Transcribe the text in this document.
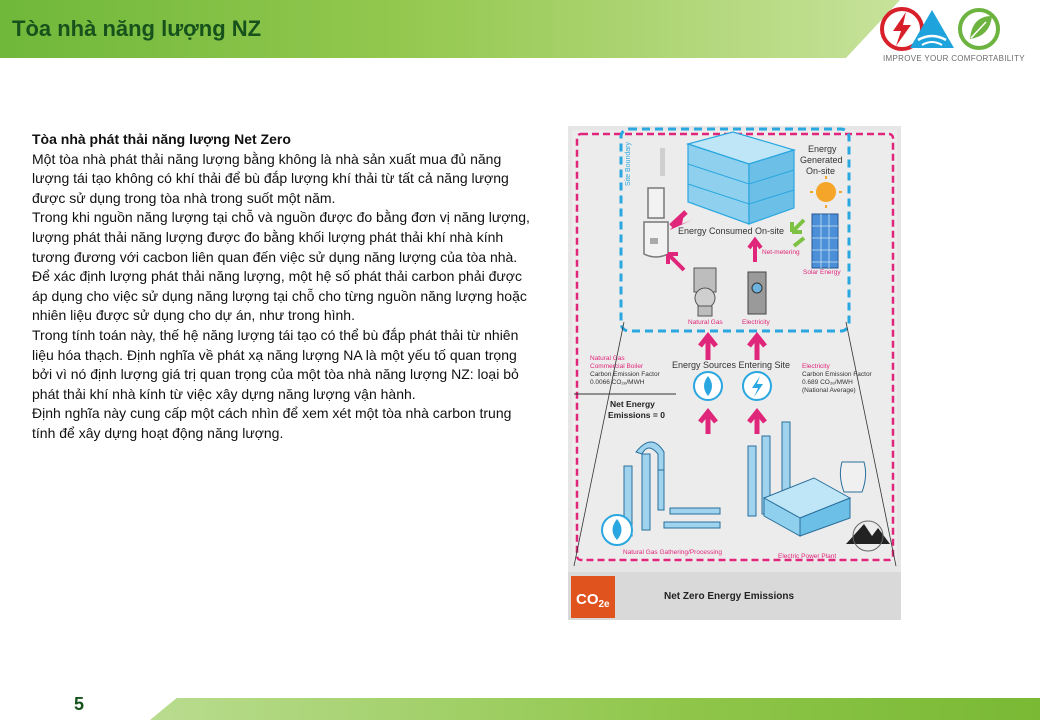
Tòa nhà năng lượng NZ
IMPROVE YOUR COMFORTABILITY

Tòa nhà phát thải năng lượng Net Zero

Một tòa nhà phát thải năng lượng bằng không là nhà sản xuất mua đủ năng lượng tái tạo không có khí thải để bù đắp lượng khí thải từ tất cả năng lượng được sử dụng trong tòa nhà trong suốt một năm.

Trong khi nguồn năng lượng tại chỗ và nguồn được đo bằng đơn vị năng lượng, lượng phát thải năng lượng được đo bằng khối lượng phát thải khí nhà kính tương đương với cacbon liên quan đến việc sử dụng năng lượng của tòa nhà. Để xác định lượng phát thải năng lượng, một hệ số phát thải carbon phải được áp dụng cho việc sử dụng năng lượng tại chỗ cho từng nguồn năng lượng hoặc nhiên liệu được sử dụng cho dự án, như trong hình.

Trong tính toán này, thế hệ năng lượng tái tạo có thể bù đắp phát thải từ nhiên liệu hóa thạch. Định nghĩa về phát xạ năng lượng NA là một yếu tố quan trọng bởi vì nó định lượng giá trị quan trọng của một tòa nhà năng lượng NZ: loại bỏ phát thải khí nhà kính từ việc xây dựng năng lượng vận hành.

Định nghĩa này cung cấp một cách nhìn để xem xét một tòa nhà carbon trung tính để xây dựng hoạt động năng lượng.

Site Boundary
Energy Consumed On-site
Energy
Generated
On-site
Net-metering
Solar Energy
Natural Gas	Electricity
Energy Sources Entering Site
Natural Gas
Commercial Boiler
Carbon Emission Factor
0.0066 CO₂ₑ/MWH
Electricity
Carbon Emission Factor
0.689 CO₂ₑ/MWH
(National Average)
Net Energy
Emissions = 0
Natural Gas Gathering/Processing
Electric Power Plant
$CO_{2e}$
Net Zero Energy Emissions
5
